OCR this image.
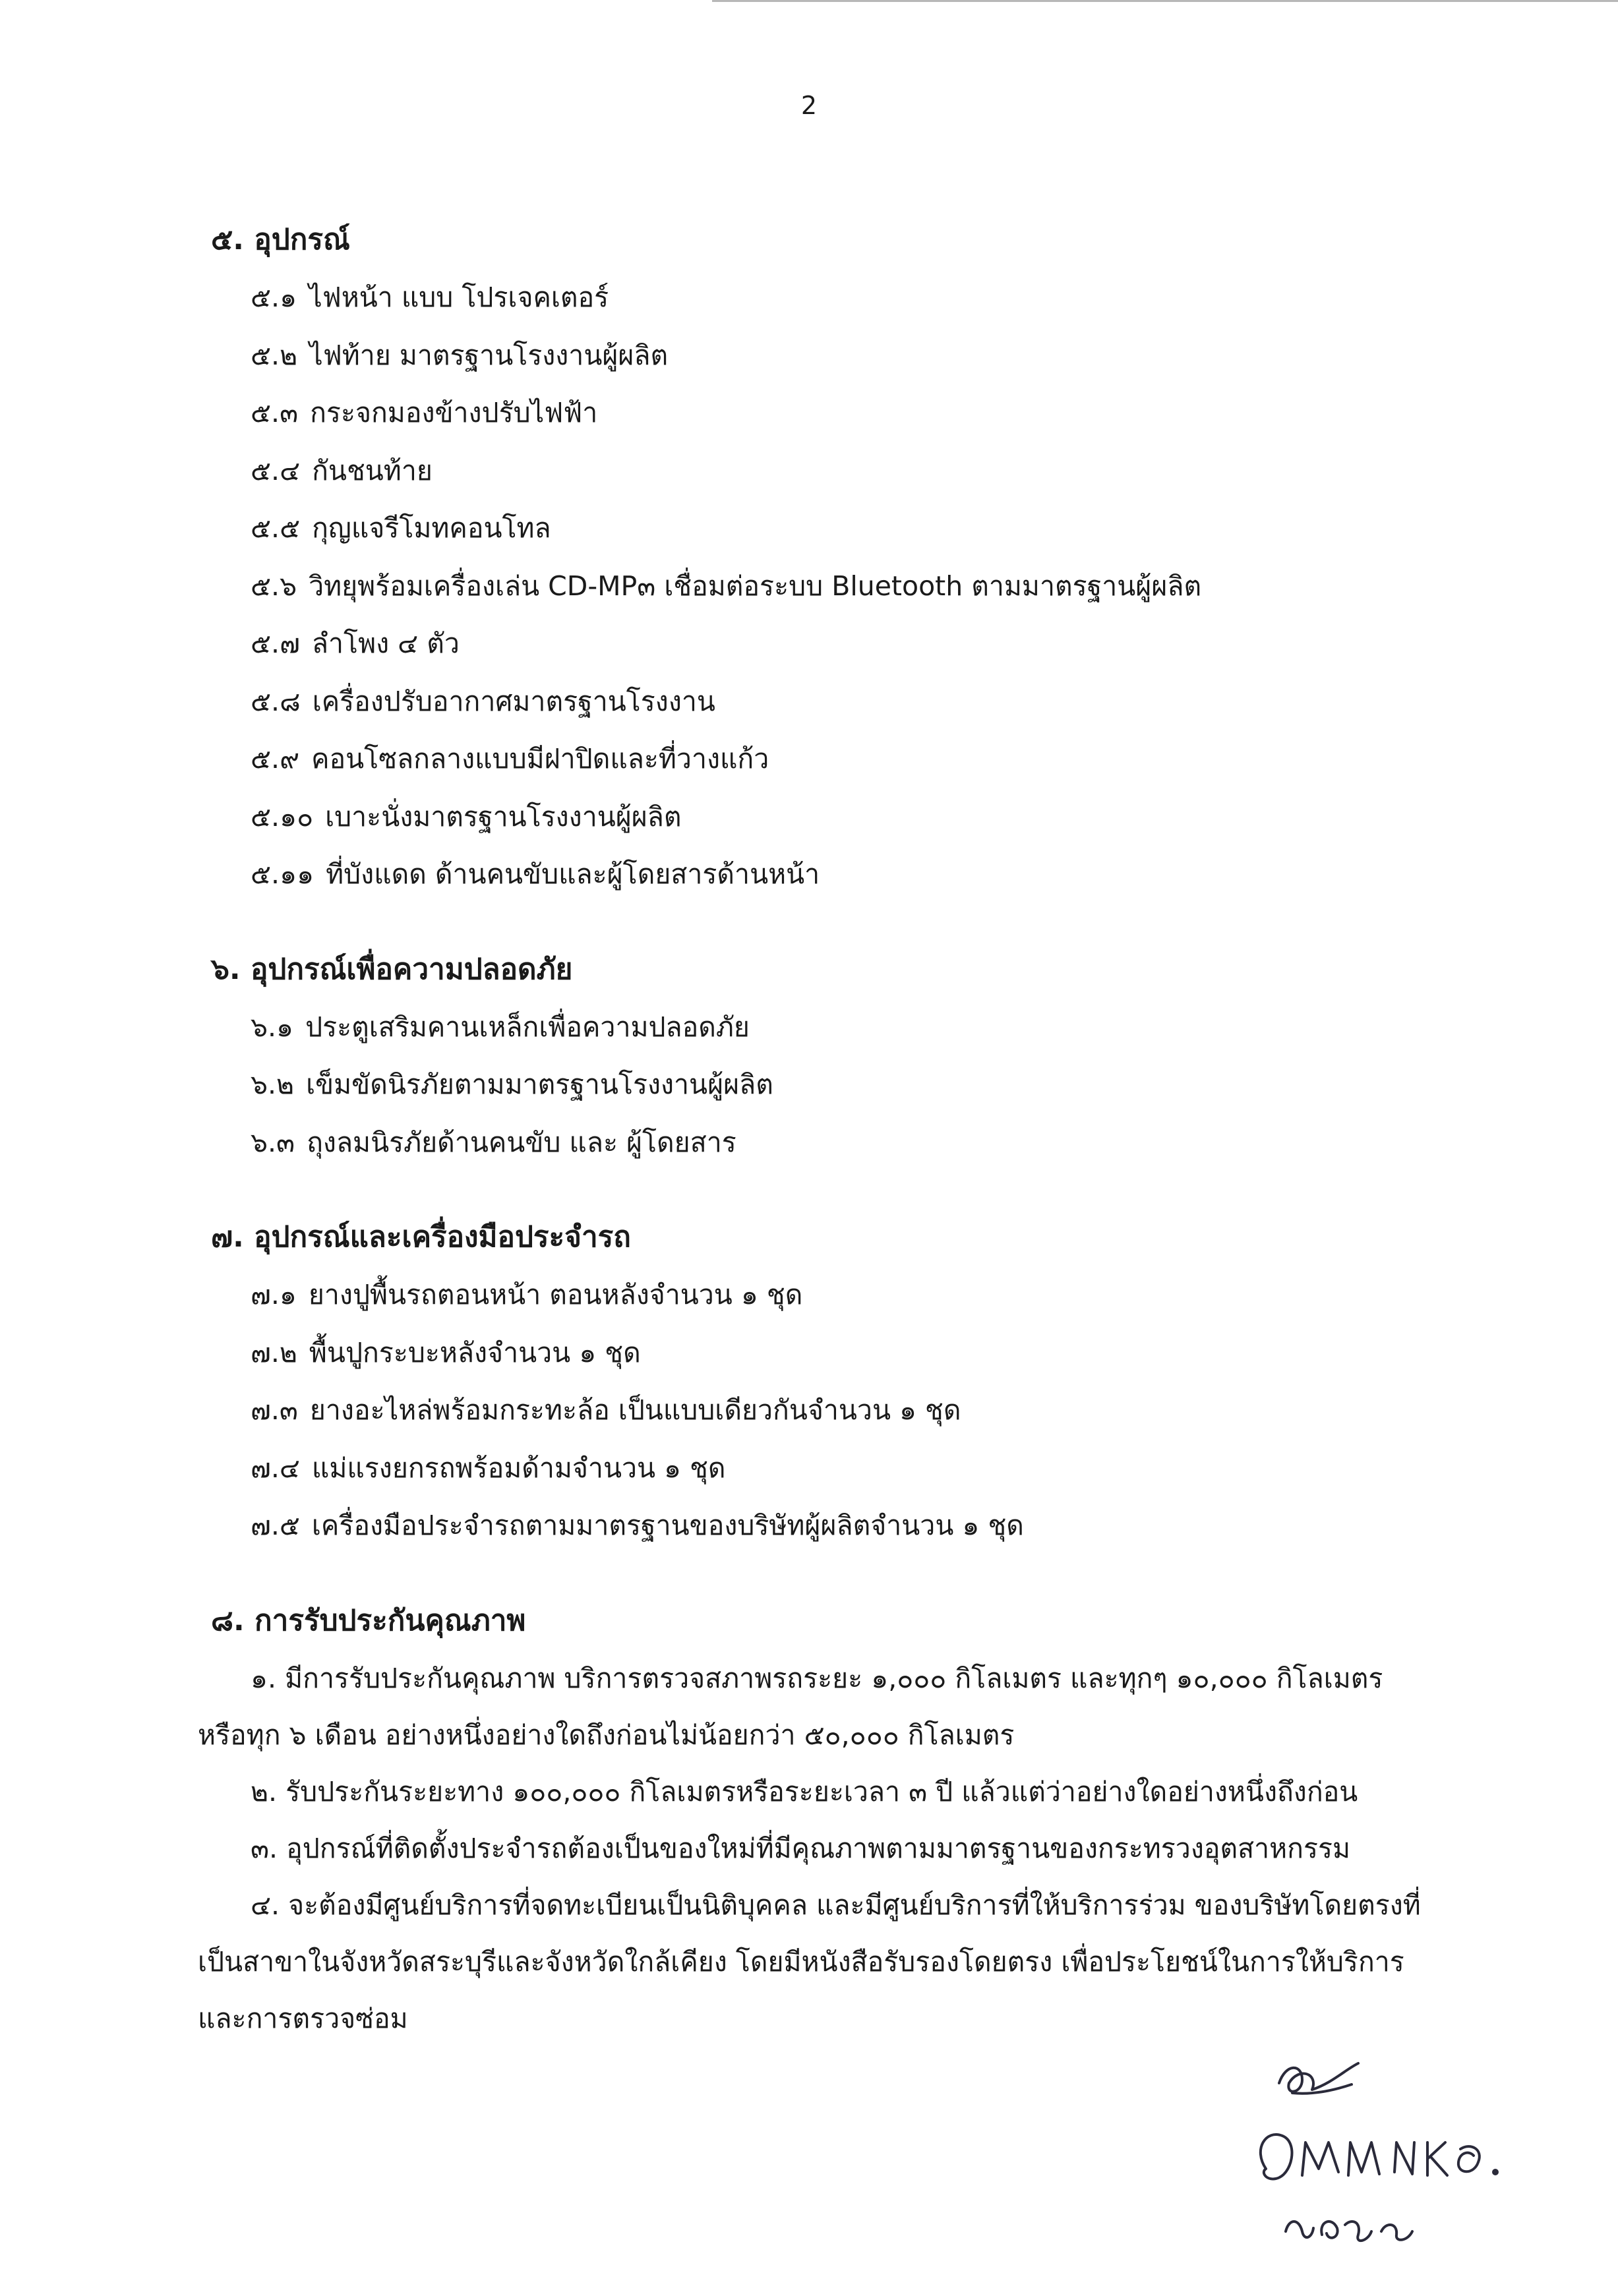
2
๕. อุปกรณ์
๕.๑ ไฟหน้า แบบ โปรเจคเตอร์
๕.๒ ไฟท้าย มาตรฐานโรงงานผู้ผลิต
๕.๓ กระจกมองข้างปรับไฟฟ้า
๕.๔ กันชนท้าย
๕.๕ กุญแจรีโมทคอนโทล
๕.๖ วิทยุพร้อมเครื่องเล่น CD-MP๓ เชื่อมต่อระบบ Bluetooth ตามมาตรฐานผู้ผลิต
๕.๗ ลำโพง ๔ ตัว
๕.๘ เครื่องปรับอากาศมาตรฐานโรงงาน
๕.๙ คอนโซลกลางแบบมีฝาปิดและที่วางแก้ว
๕.๑๐ เบาะนั่งมาตรฐานโรงงานผู้ผลิต
๕.๑๑ ที่บังแดด ด้านคนขับและผู้โดยสารด้านหน้า
๖. อุปกรณ์เพื่อความปลอดภัย
๖.๑ ประตูเสริมคานเหล็กเพื่อความปลอดภัย
๖.๒ เข็มขัดนิรภัยตามมาตรฐานโรงงานผู้ผลิต
๖.๓ ถุงลมนิรภัยด้านคนขับ และ ผู้โดยสาร
๗. อุปกรณ์และเครื่องมือประจำรถ
๗.๑ ยางปูพื้นรถตอนหน้า ตอนหลังจำนวน ๑ ชุด
๗.๒ พื้นปูกระบะหลังจำนวน ๑ ชุด
๗.๓ ยางอะไหล่พร้อมกระทะล้อ เป็นแบบเดียวกันจำนวน ๑ ชุด
๗.๔ แม่แรงยกรถพร้อมด้ามจำนวน ๑ ชุด
๗.๕ เครื่องมือประจำรถตามมาตรฐานของบริษัทผู้ผลิตจำนวน ๑ ชุด
๘. การรับประกันคุณภาพ
๑. มีการรับประกันคุณภาพ บริการตรวจสภาพรถระยะ ๑,๐๐๐ กิโลเมตร และทุกๆ ๑๐,๐๐๐ กิโลเมตร หรือทุก ๖ เดือน อย่างหนึ่งอย่างใดถึงก่อนไม่น้อยกว่า ๕๐,๐๐๐ กิโลเมตร
๒. รับประกันระยะทาง ๑๐๐,๐๐๐ กิโลเมตรหรือระยะเวลา ๓ ปี แล้วแต่ว่าอย่างใดอย่างหนึ่งถึงก่อน
๓. อุปกรณ์ที่ติดตั้งประจำรถต้องเป็นของใหม่ที่มีคุณภาพตามมาตรฐานของกระทรวงอุตสาหกรรม
๔. จะต้องมีศูนย์บริการที่จดทะเบียนเป็นนิติบุคคล และมีศูนย์บริการที่ให้บริการร่วม ของบริษัทโดยตรงที่เป็นสาขาในจังหวัดสระบุรีและจังหวัดใกล้เคียง โดยมีหนังสือรับรองโดยตรง เพื่อประโยชน์ในการให้บริการและการตรวจซ่อม
OMNK.
